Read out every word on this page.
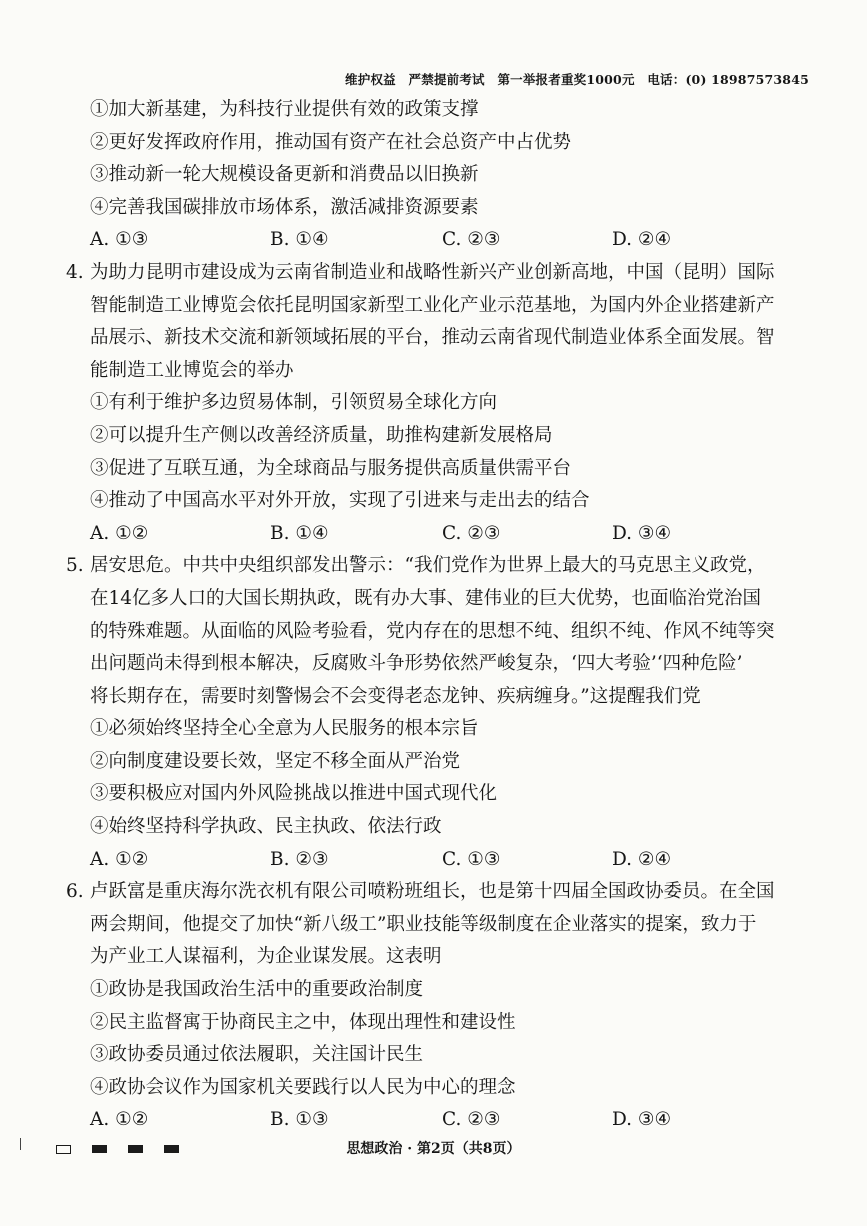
维护权益　严禁提前考试　第一举报者重奖1000元　电话：(0) 18987573845
①加大新基建，为科技行业提供有效的政策支撑
②更好发挥政府作用，推动国有资产在社会总资产中占优势
③推动新一轮大规模设备更新和消费品以旧换新
④完善我国碳排放市场体系，激活减排资源要素
A. ①③	B. ①④	C. ②③	D. ②④
4. 为助力昆明市建设成为云南省制造业和战略性新兴产业创新高地，中国（昆明）国际
智能制造工业博览会依托昆明国家新型工业化产业示范基地，为国内外企业搭建新产
品展示、新技术交流和新领域拓展的平台，推动云南省现代制造业体系全面发展。智
能制造工业博览会的举办
①有利于维护多边贸易体制，引领贸易全球化方向
②可以提升生产侧以改善经济质量，助推构建新发展格局
③促进了互联互通，为全球商品与服务提供高质量供需平台
④推动了中国高水平对外开放，实现了引进来与走出去的结合
A. ①②	B. ①④	C. ②③	D. ③④
5. 居安思危。中共中央组织部发出警示：“我们党作为世界上最大的马克思主义政党，
在14亿多人口的大国长期执政，既有办大事、建伟业的巨大优势，也面临治党治国
的特殊难题。从面临的风险考验看，党内存在的思想不纯、组织不纯、作风不纯等突
出问题尚未得到根本解决，反腐败斗争形势依然严峻复杂，‘四大考验’‘四种危险’
将长期存在，需要时刻警惕会不会变得老态龙钟、疾病缠身。”这提醒我们党
①必须始终坚持全心全意为人民服务的根本宗旨
②向制度建设要长效，坚定不移全面从严治党
③要积极应对国内外风险挑战以推进中国式现代化
④始终坚持科学执政、民主执政、依法行政
A. ①②	B. ②③	C. ①③	D. ②④
6. 卢跃富是重庆海尔洗衣机有限公司喷粉班组长，也是第十四届全国政协委员。在全国
两会期间，他提交了加快“新八级工”职业技能等级制度在企业落实的提案，致力于
为产业工人谋福利，为企业谋发展。这表明
①政协是我国政治生活中的重要政治制度
②民主监督寓于协商民主之中，体现出理性和建设性
③政协委员通过依法履职，关注国计民生
④政协会议作为国家机关要践行以人民为中心的理念
A. ①②	B. ①③	C. ②③	D. ③④
思想政治 · 第2页（共8页）
